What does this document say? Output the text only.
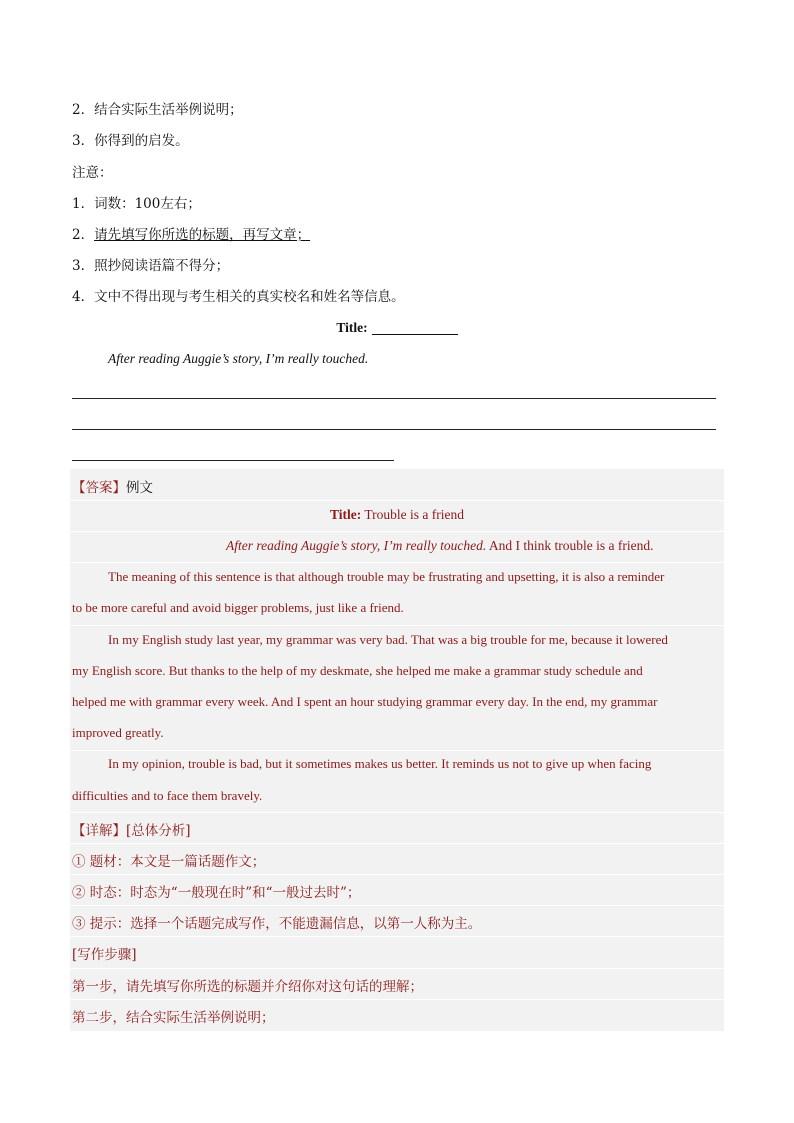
2．结合实际生活举例说明；
3．你得到的启发。
注意：
1．词数：100左右；
2．请先填写你所选的标题，再写文章；
3．照抄阅读语篇不得分；
4．文中不得出现与考生相关的真实校名和姓名等信息。
Title:
After reading Auggie’s story, I’m really touched.
【答案】例文
Title: Trouble is a friend
After reading Auggie’s story, I’m really touched. And I think trouble is a friend.
The meaning of this sentence is that although trouble may be frustrating and upsetting, it is also a reminder
to be more careful and avoid bigger problems, just like a friend.
In my English study last year, my grammar was very bad. That was a big trouble for me, because it lowered
my English score. But thanks to the help of my deskmate, she helped me make a grammar study schedule and
helped me with grammar every week. And I spent an hour studying grammar every day. In the end, my grammar
improved greatly.
In my opinion, trouble is bad, but it sometimes makes us better. It reminds us not to give up when facing
difficulties and to face them bravely.
【详解】[总体分析]
① 题材：本文是一篇话题作文；
② 时态：时态为“一般现在时”和“一般过去时”；
③ 提示：选择一个话题完成写作，不能遗漏信息，以第一人称为主。
[写作步骤]
第一步，请先填写你所选的标题并介绍你对这句话的理解；
第二步，结合实际生活举例说明；
